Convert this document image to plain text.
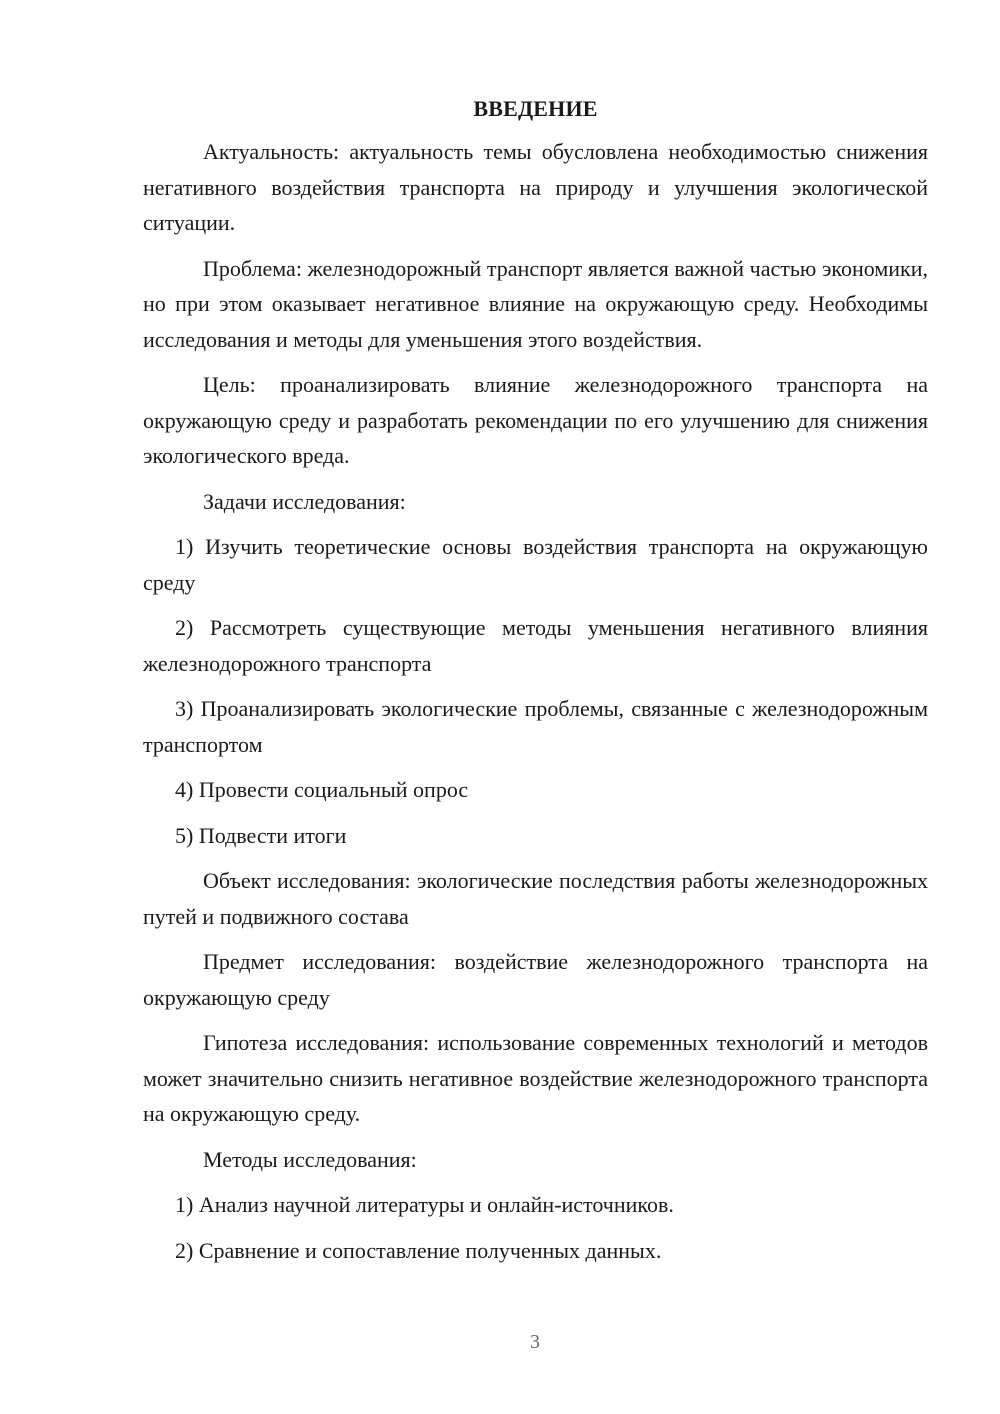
ВВЕДЕНИЕ
Актуальность: актуальность темы обусловлена необходимостью снижения негативного воздействия транспорта на природу и улучшения экологической ситуации.
Проблема: железнодорожный транспорт является важной частью экономики, но при этом оказывает негативное влияние на окружающую среду. Необходимы исследования и методы для уменьшения этого воздействия.
Цель: проанализировать влияние железнодорожного транспорта на окружающую среду и разработать рекомендации по его улучшению для снижения экологического вреда.
Задачи исследования:
1) Изучить теоретические основы воздействия транспорта на окружающую среду
2) Рассмотреть существующие методы уменьшения негативного влияния железнодорожного транспорта
3) Проанализировать экологические проблемы, связанные с железнодорожным транспортом
4) Провести социальный опрос
5) Подвести итоги
Объект исследования: экологические последствия работы железнодорожных путей и подвижного состава
Предмет исследования: воздействие железнодорожного транспорта на окружающую среду
Гипотеза исследования: использование современных технологий и методов может значительно снизить негативное воздействие железнодорожного транспорта на окружающую среду.
Методы исследования:
1) Анализ научной литературы и онлайн-источников.
2) Сравнение и сопоставление полученных данных.
3
